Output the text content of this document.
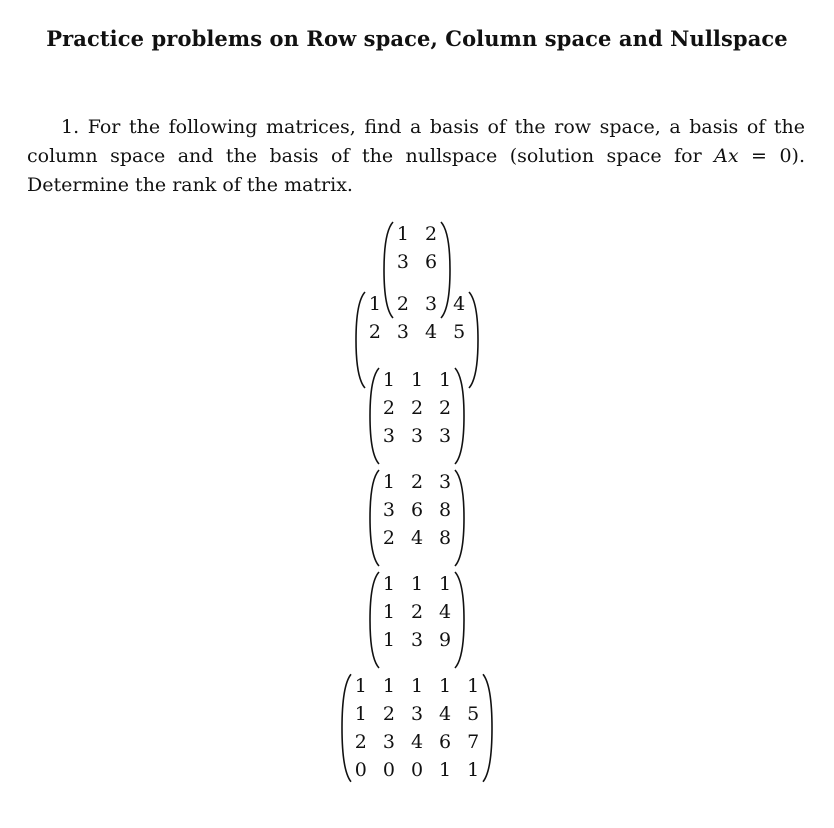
Practice problems on Row space, Column space and Nullspace

1. For the following matrices, find a basis of the row space, a basis of the column space and the basis of the nullspace (solution space for Ax = 0). Determine the rank of the matrix.

1 2
3 6
1 2 3 4
2 3 4 5
1 1 1
2 2 2
3 3 3
1 2 3
3 6 8
2 4 8
1 1 1
1 2 4
1 3 9
1 1 1 1 1
1 2 3 4 5
2 3 4 6 7
0 0 0 1 1
